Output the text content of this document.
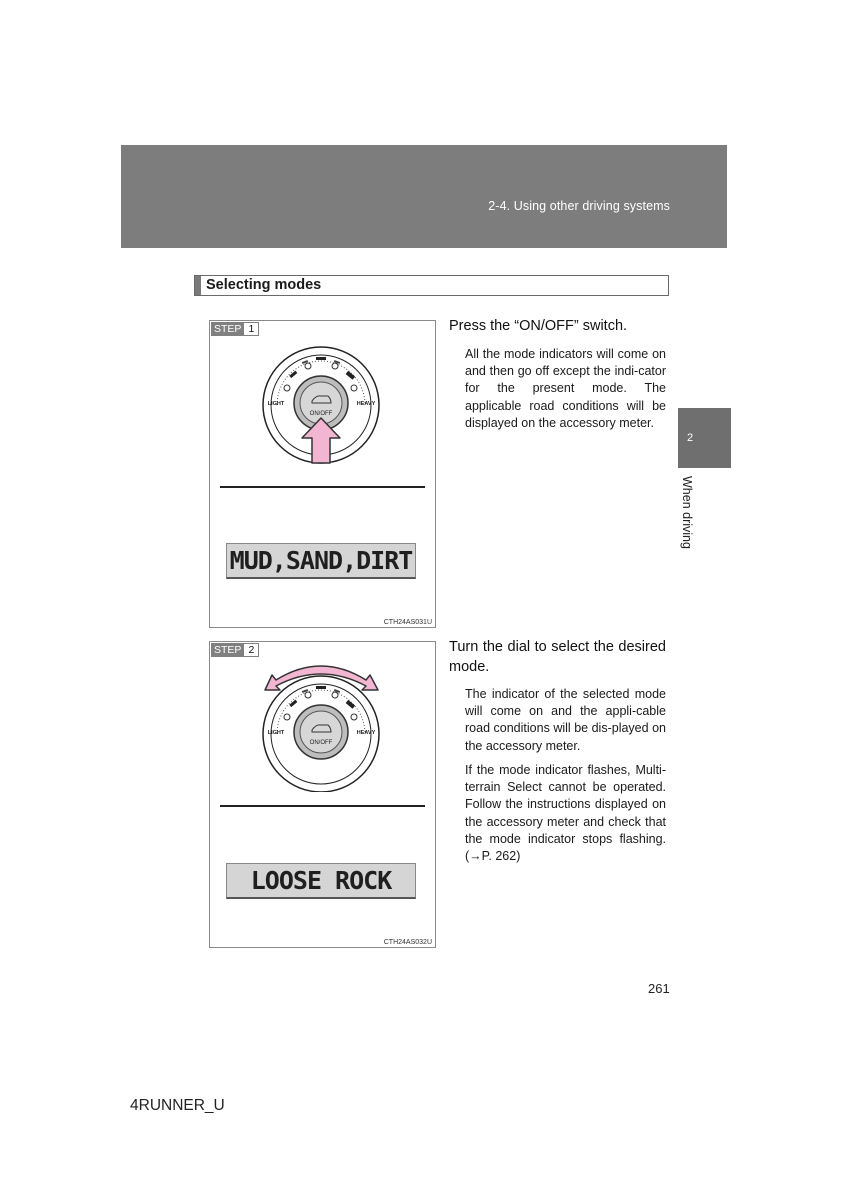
2-4. Using other driving systems
2
When driving
Selecting modes
STEP 1
ON/OFF
LIGHT	HEAVY
MUD,SAND,DIRT
CTH24AS031U
STEP 2
ON/OFF
LIGHT	HEAVY
LOOSE ROCK
CTH24AS032U
Press the “ON/OFF” switch.

All the mode indicators will come on and then go off except the indi-cator for the present mode. The applicable road conditions will be displayed on the accessory meter.

Turn the dial to select the desired mode.

The indicator of the selected mode will come on and the appli-cable road conditions will be dis-played on the accessory meter.

If the mode indicator flashes, Multi-terrain Select cannot be operated. Follow the instructions displayed on the accessory meter and check that the mode indicator stops flashing. (→P. 262)

261
4RUNNER_U
